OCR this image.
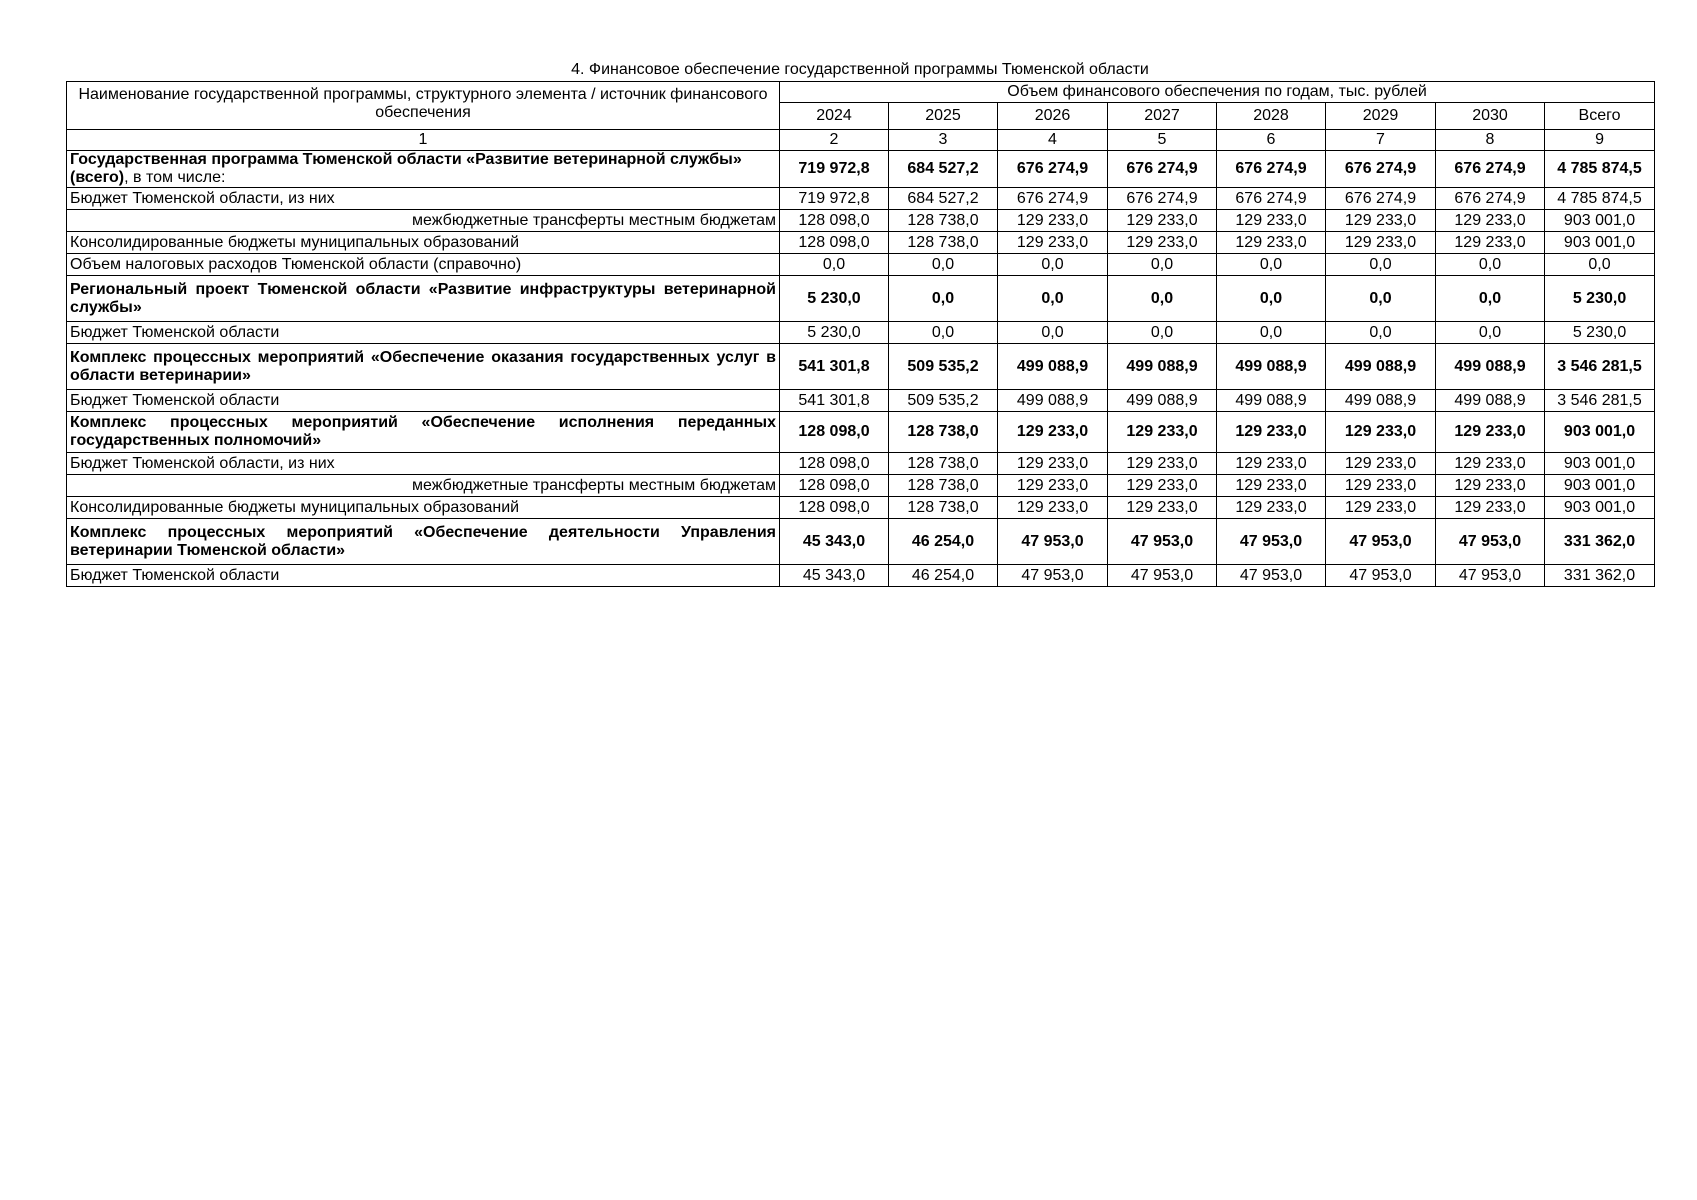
4. Финансовое обеспечение государственной программы Тюменской области
Наименование государственной программы, структурного элемента / источник финансового обеспечения	Объем финансового обеспечения по годам, тыс. рублей							
	2024	2025	2026	2027	2028	2029	2030	Всего
1	2	3	4	5	6	7	8	9
Государственная программа Тюменской области «Развитие ветеринарной службы» (всего), в том числе:	719 972,8	684 527,2	676 274,9	676 274,9	676 274,9	676 274,9	676 274,9	4 785 874,5
Бюджет Тюменской области, из них	719 972,8	684 527,2	676 274,9	676 274,9	676 274,9	676 274,9	676 274,9	4 785 874,5
межбюджетные трансферты местным бюджетам	128 098,0	128 738,0	129 233,0	129 233,0	129 233,0	129 233,0	129 233,0	903 001,0
Консолидированные бюджеты муниципальных образований	128 098,0	128 738,0	129 233,0	129 233,0	129 233,0	129 233,0	129 233,0	903 001,0
Объем налоговых расходов Тюменской области (справочно)	0,0	0,0	0,0	0,0	0,0	0,0	0,0	0,0
Региональный проект Тюменской области «Развитие инфраструктуры ветеринарной службы»	5 230,0	0,0	0,0	0,0	0,0	0,0	0,0	5 230,0
Бюджет Тюменской области	5 230,0	0,0	0,0	0,0	0,0	0,0	0,0	5 230,0
Комплекс процессных мероприятий «Обеспечение оказания государственных услуг в области ветеринарии»	541 301,8	509 535,2	499 088,9	499 088,9	499 088,9	499 088,9	499 088,9	3 546 281,5
Бюджет Тюменской области	541 301,8	509 535,2	499 088,9	499 088,9	499 088,9	499 088,9	499 088,9	3 546 281,5
Комплекс процессных мероприятий «Обеспечение исполнения переданных государственных полномочий»	128 098,0	128 738,0	129 233,0	129 233,0	129 233,0	129 233,0	129 233,0	903 001,0
Бюджет Тюменской области, из них	128 098,0	128 738,0	129 233,0	129 233,0	129 233,0	129 233,0	129 233,0	903 001,0
межбюджетные трансферты местным бюджетам	128 098,0	128 738,0	129 233,0	129 233,0	129 233,0	129 233,0	129 233,0	903 001,0
Консолидированные бюджеты муниципальных образований	128 098,0	128 738,0	129 233,0	129 233,0	129 233,0	129 233,0	129 233,0	903 001,0
Комплекс процессных мероприятий «Обеспечение деятельности Управления ветеринарии Тюменской области»	45 343,0	46 254,0	47 953,0	47 953,0	47 953,0	47 953,0	47 953,0	331 362,0
Бюджет Тюменской области	45 343,0	46 254,0	47 953,0	47 953,0	47 953,0	47 953,0	47 953,0	331 362,0
